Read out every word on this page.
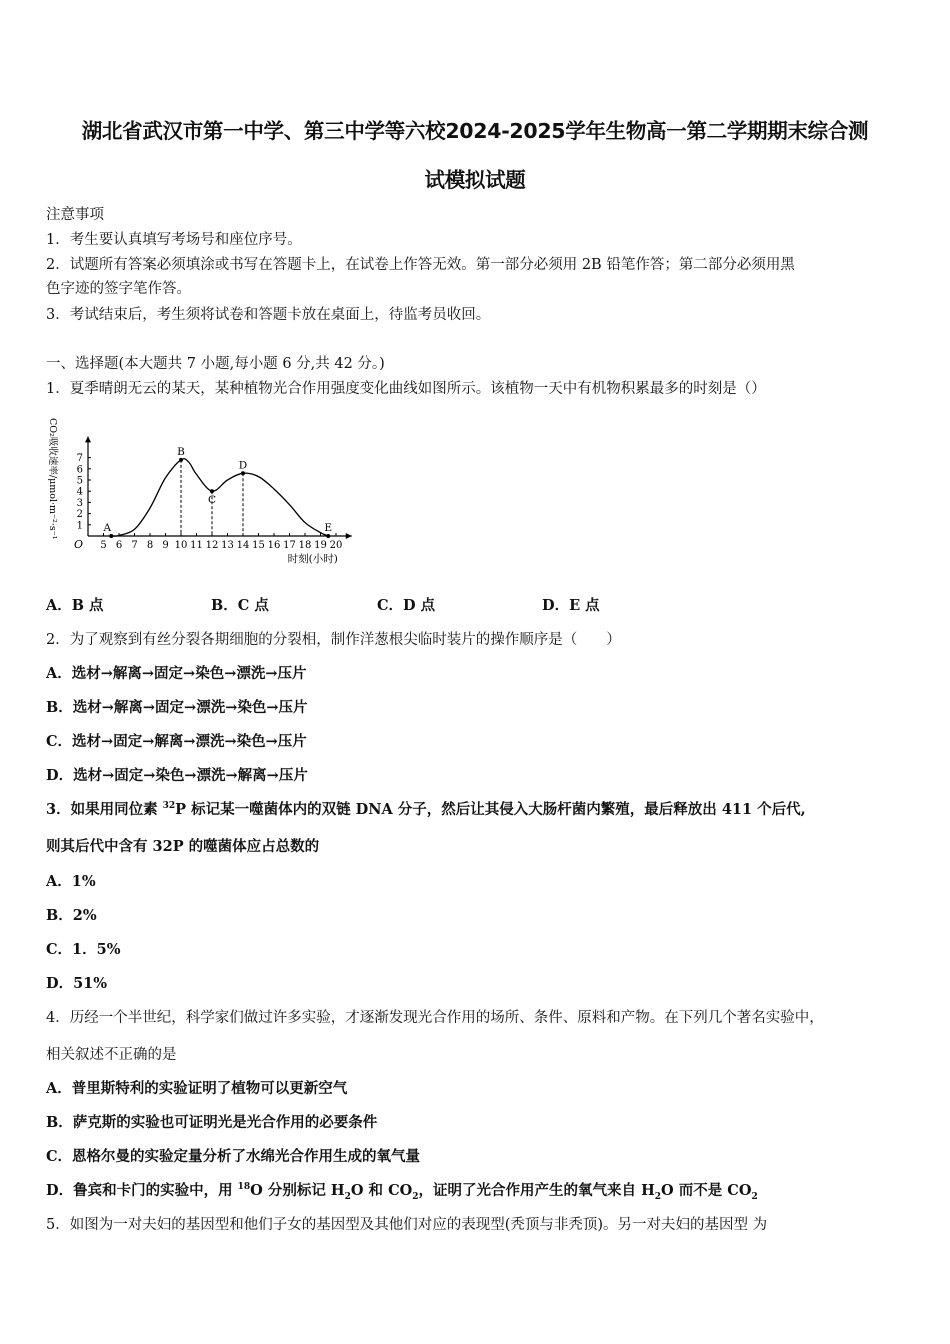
湖北省武汉市第一中学、第三中学等六校2024-2025学年生物高一第二学期期末综合测
试模拟试题
注意事项
1．考生要认真填写考场号和座位序号。
2．试题所有答案必须填涂或书写在答题卡上，在试卷上作答无效。第一部分必须用 2B 铅笔作答；第二部分必须用黑
色字迹的签字笔作答。
3．考试结束后，考生须将试卷和答题卡放在桌面上，待监考员收回。
一、选择题(本大题共 7 小题,每小题 6 分,共 42 分。)
1．夏季晴朗无云的某天，某种植物光合作用强度变化曲线如图所示。该植物一天中有机物积累最多的时刻是（）
O 5 6 7 8 9 10 11 12 13 14 15 16 17 18 19 20
1
2
3
4
5
6
7
时刻(小时)
CO₂吸收速率/μmol·m⁻²·s⁻¹	A
B
C
D
E
A．B 点	B．C 点	C．D 点	D．E 点
2．为了观察到有丝分裂各期细胞的分裂相，制作洋葱根尖临时装片的操作顺序是（　　）
A．选材→解离→固定→染色→漂洗→压片
B．选材→解离→固定→漂洗→染色→压片
C．选材→固定→解离→漂洗→染色→压片
D．选材→固定→染色→漂洗→解离→压片
3．如果用同位素 $^{32}$P 标记某一噬菌体内的双链 DNA 分子，然后让其侵入大肠杆菌内繁殖，最后释放出 411 个后代,
则其后代中含有 32P 的噬菌体应占总数的
A．1%
B．2%
C．1．5%
D．51%
4．历经一个半世纪，科学家们做过许多实验，才逐渐发现光合作用的场所、条件、原料和产物。在下列几个著名实验中，
相关叙述不正确的是
A．普里斯特利的实验证明了植物可以更新空气
B．萨克斯的实验也可证明光是光合作用的必要条件
C．恩格尔曼的实验定量分析了水绵光合作用生成的氧气量
D．鲁宾和卡门的实验中，用 $^{18}$O 分别标记 $H_2O$ 和 $CO_2$，证明了光合作用产生的氧气来自 $H_2O$ 而不是 $CO_2$
5．如图为一对夫妇的基因型和他们子女的基因型及其他们对应的表现型(秃顶与非秃顶)。另一对夫妇的基因型 为
